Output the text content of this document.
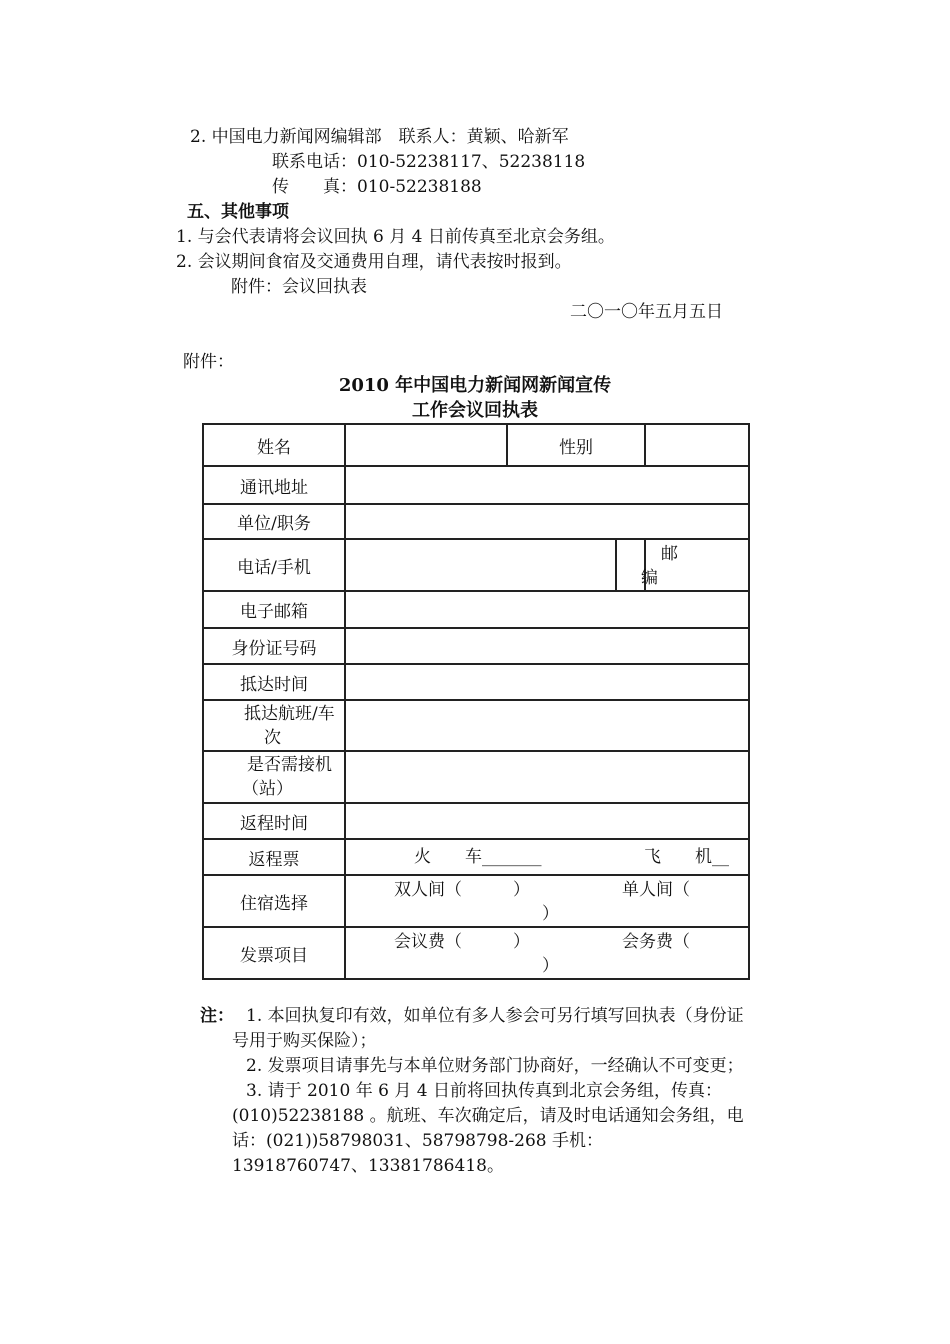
2. 中国电力新闻网编辑部　联系人：黄颖、哈新军
联系电话：010-52238117、52238118
传　　真：010-52238188
五、其他事项
1. 与会代表请将会议回执 6 月 4 日前传真至北京会务组。
2. 会议期间食宿及交通费用自理，请代表按时报到。
附件：会议回执表
二〇一〇年五月五日
附件：
2010 年中国电力新闻网新闻宣传
工作会议回执表
姓名		性别		
通讯地址				
单位/职务				
电话/手机			邮
编	

电子邮箱				
身份证号码				
抵达时间				

抵达航班/车
次				

是否需接机
（站）				

返程时间				
返程票	火　　车_______ 飞　　机__			

住宿选择	双人间（　　　） 单人间（
）			

发票项目	会议费（　　　） 会务费（
）			
注： 1. 本回执复印有效，如单位有多人参会可另行填写回执表（身份证
号用于购买保险）；
2. 发票项目请事先与本单位财务部门协商好，一经确认不可变更；
3. 请于 2010 年 6 月 4 日前将回执传真到北京会务组，传真：
(010)52238188 。航班、车次确定后，请及时电话通知会务组，电
话：(021))58798031、58798798-268 手机：
13918760747、13381786418。
